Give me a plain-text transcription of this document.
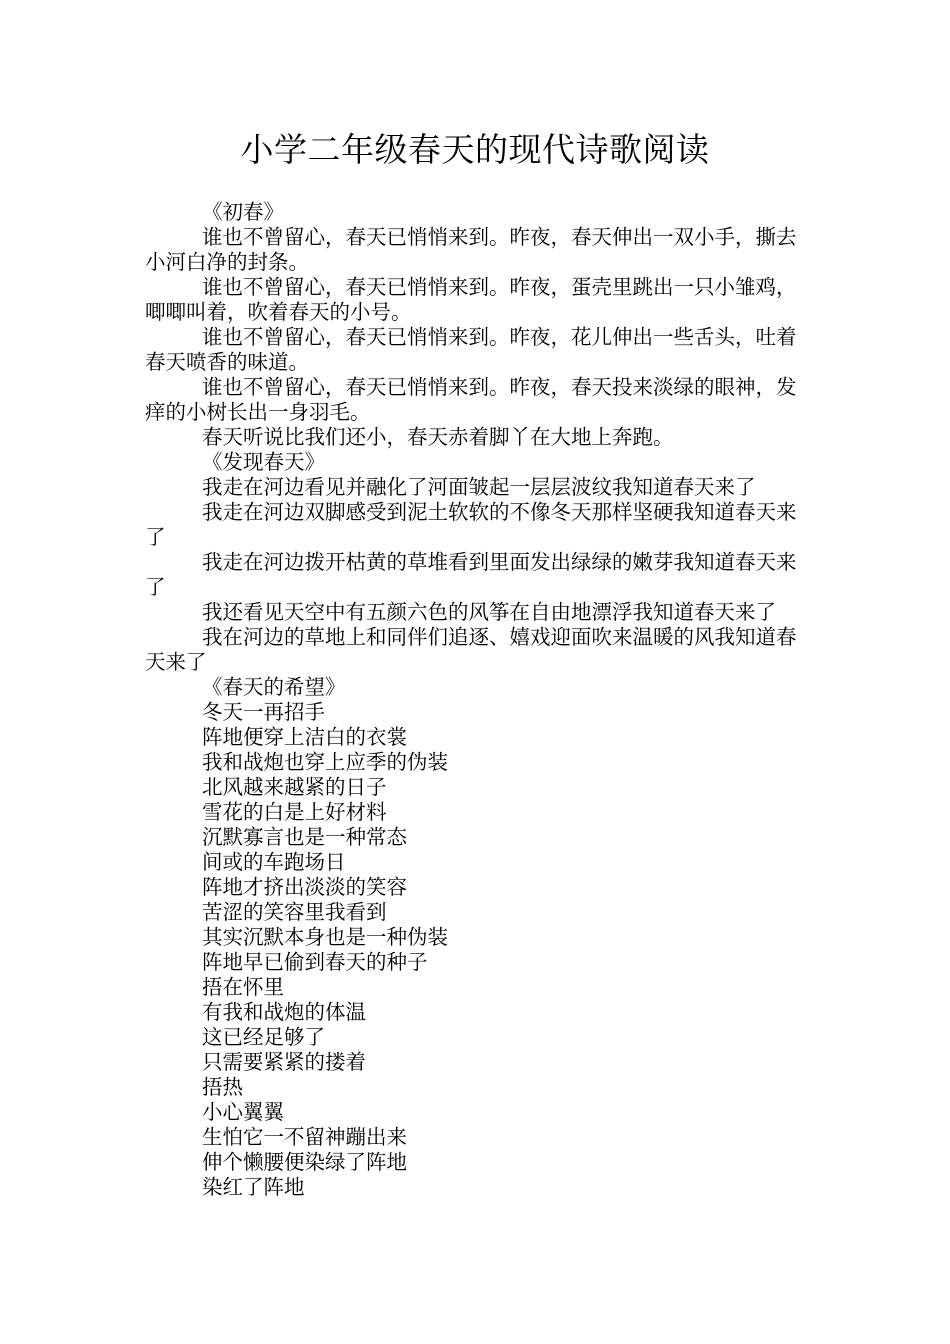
小学二年级春天的现代诗歌阅读

《初春》

谁也不曾留心，春天已悄悄来到。昨夜，春天伸出一双小手，撕去小河白净的封条。

谁也不曾留心，春天已悄悄来到。昨夜，蛋壳里跳出一只小雏鸡，唧唧叫着，吹着春天的小号。

谁也不曾留心，春天已悄悄来到。昨夜，花儿伸出一些舌头，吐着春天喷香的味道。

谁也不曾留心，春天已悄悄来到。昨夜，春天投来淡绿的眼神，发痒的小树长出一身羽毛。

春天听说比我们还小，春天赤着脚丫在大地上奔跑。

《发现春天》

我走在河边看见并融化了河面皱起一层层波纹我知道春天来了

我走在河边双脚感受到泥土软软的不像冬天那样坚硬我知道春天来了

我走在河边拨开枯黄的草堆看到里面发出绿绿的嫩芽我知道春天来了

我还看见天空中有五颜六色的风筝在自由地漂浮我知道春天来了

我在河边的草地上和同伴们追逐、嬉戏迎面吹来温暖的风我知道春天来了

《春天的希望》

冬天一再招手

阵地便穿上洁白的衣裳

我和战炮也穿上应季的伪装

北风越来越紧的日子

雪花的白是上好材料

沉默寡言也是一种常态

间或的车跑场日

阵地才挤出淡淡的笑容

苦涩的笑容里我看到

其实沉默本身也是一种伪装

阵地早已偷到春天的种子

捂在怀里

有我和战炮的体温

这已经足够了

只需要紧紧的搂着

捂热

小心翼翼

生怕它一不留神蹦出来

伸个懒腰便染绿了阵地

染红了阵地
